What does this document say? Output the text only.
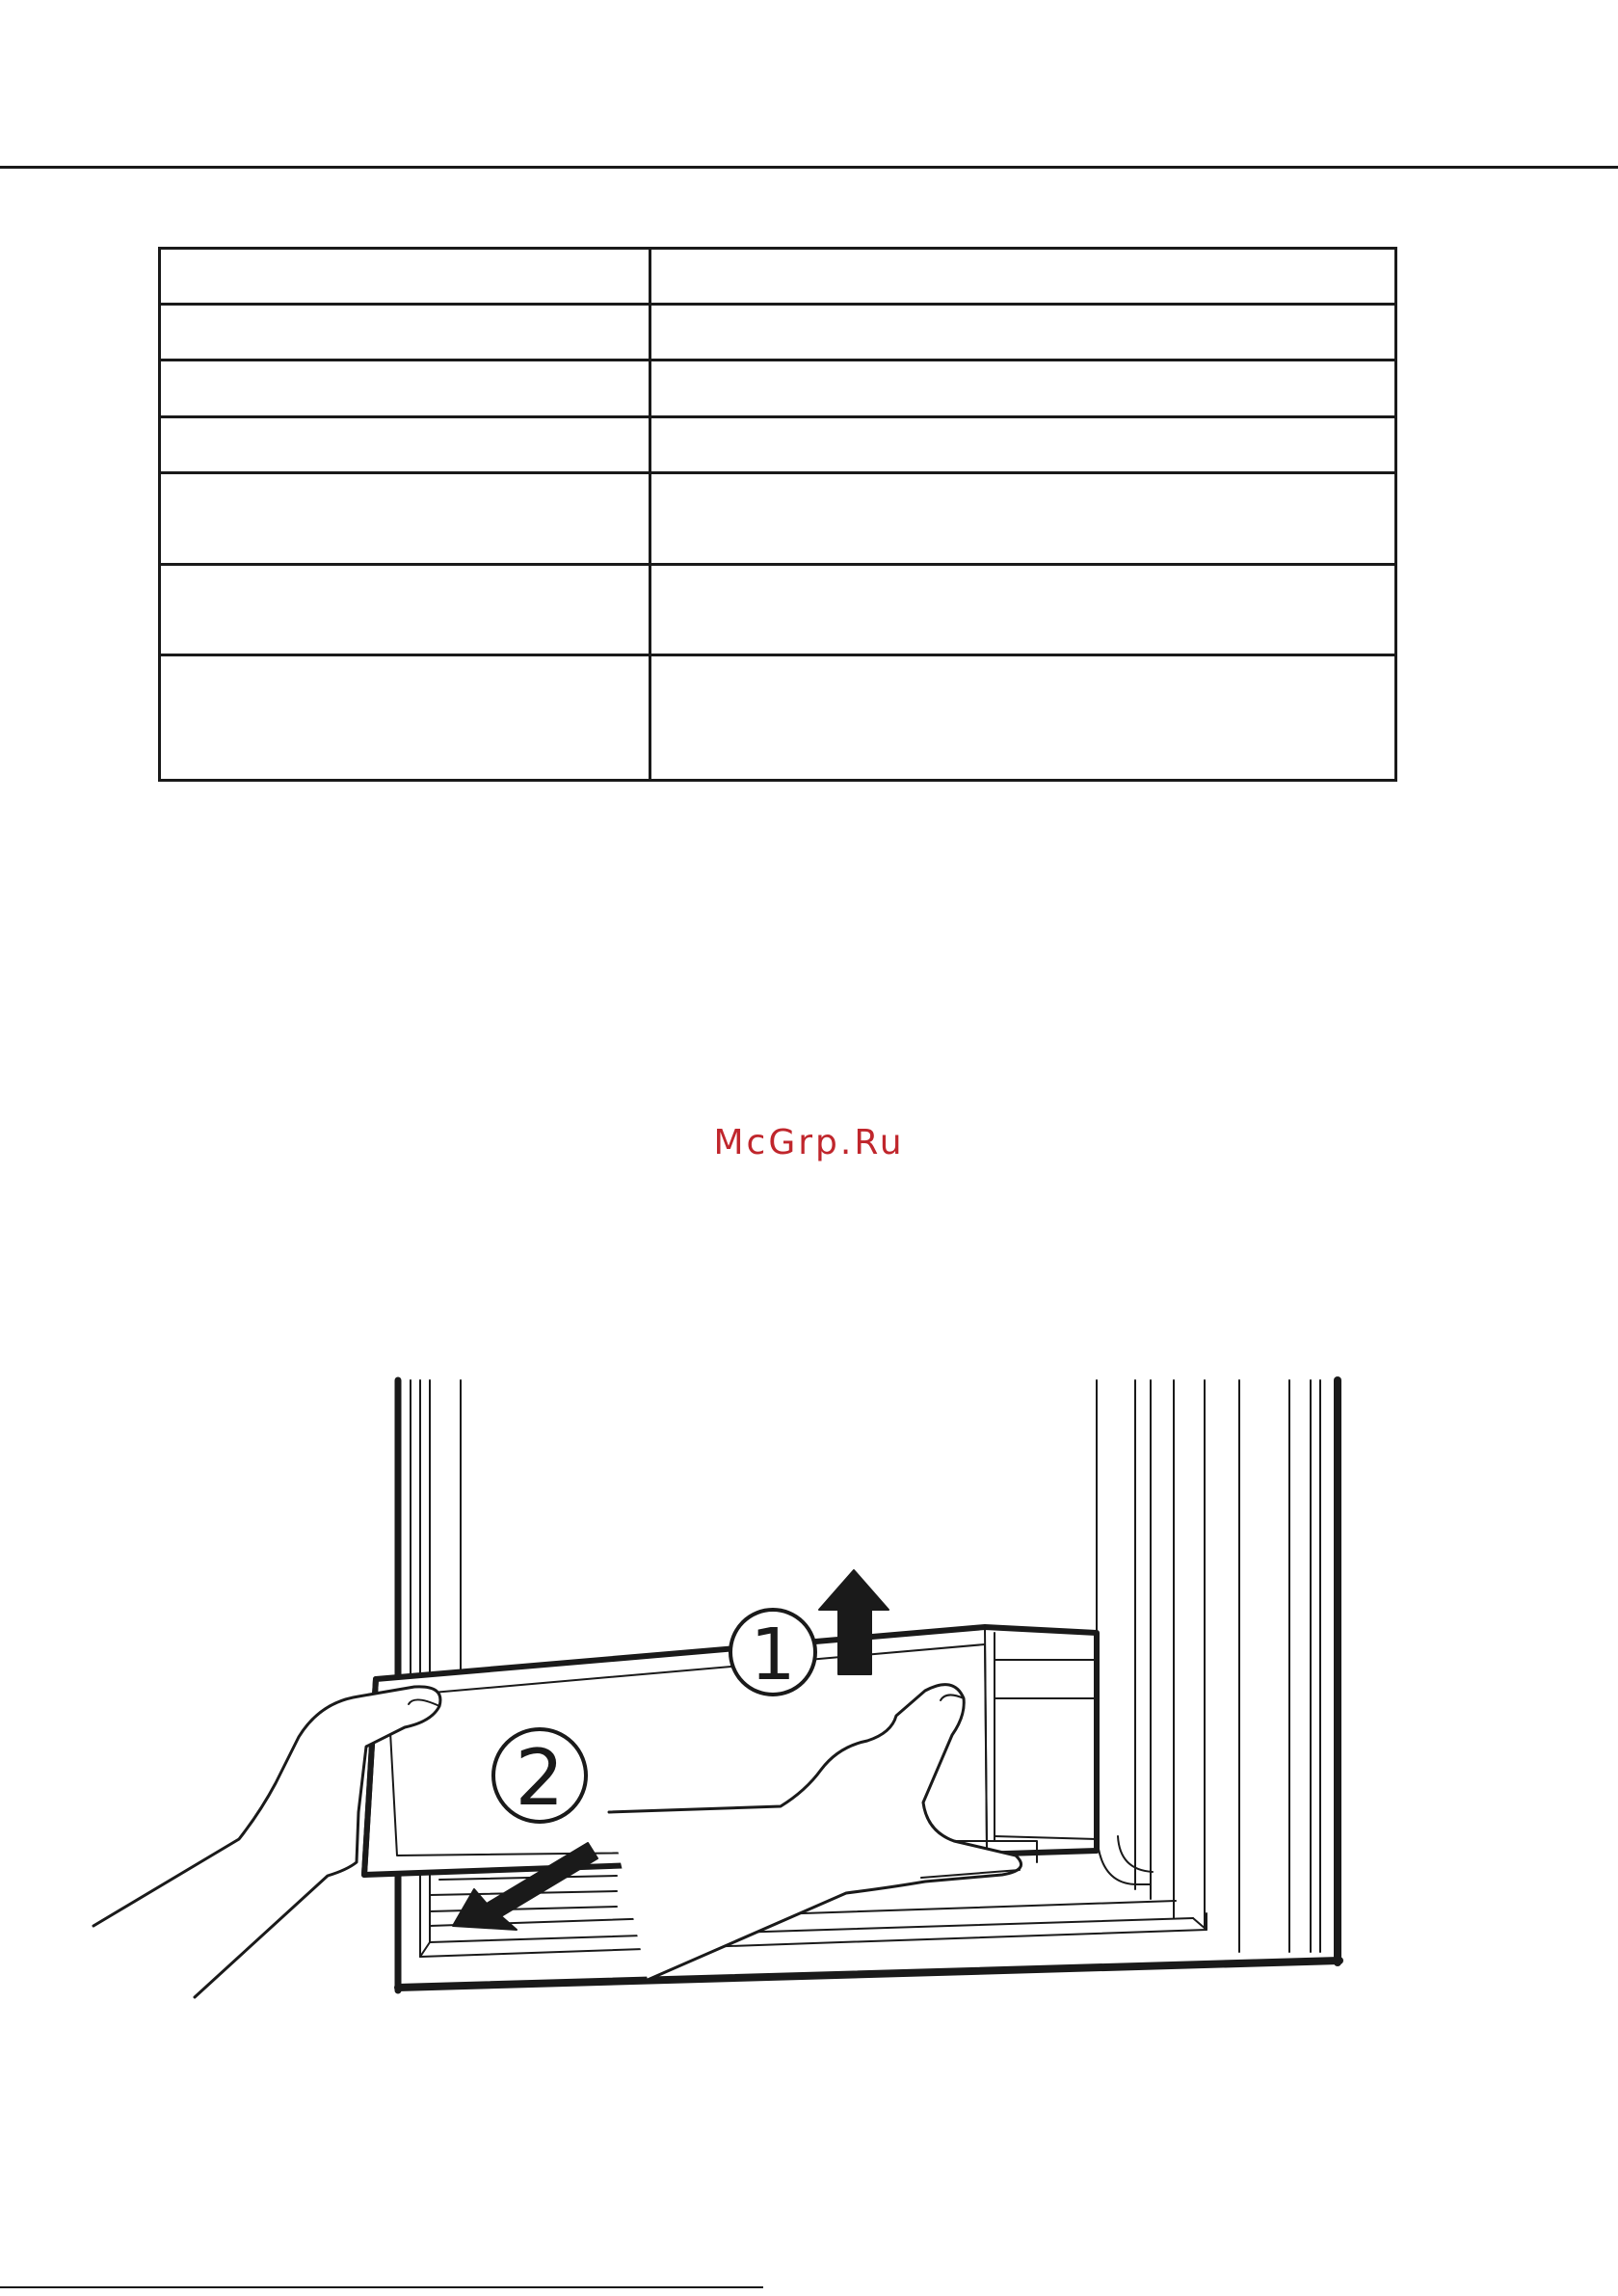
McGrp.Ru
1
2
